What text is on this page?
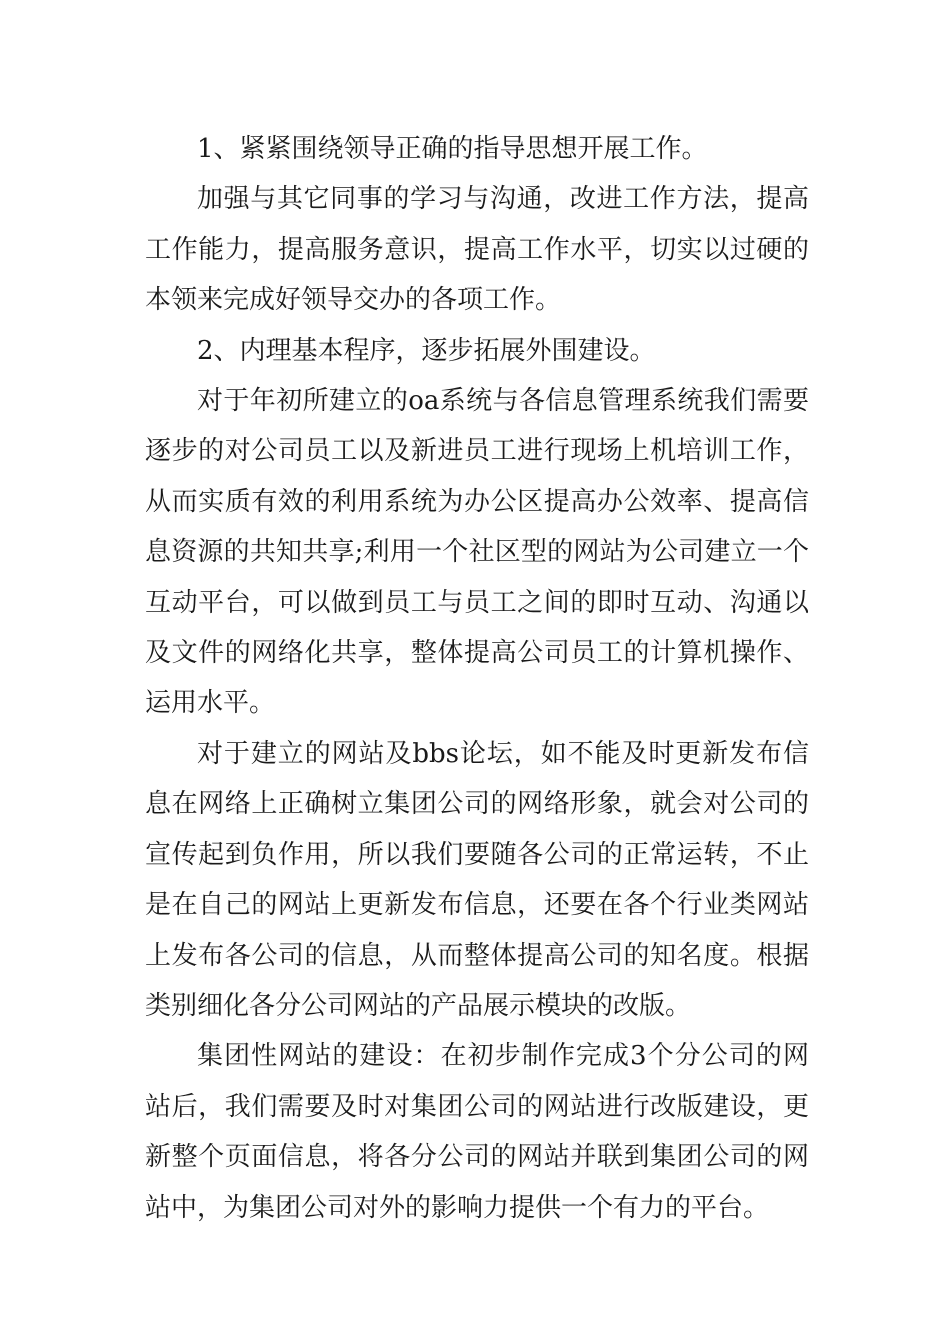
1、紧紧围绕领导正确的指导思想开展工作。

加强与其它同事的学习与沟通，改进工作方法，提高工作能力，提高服务意识，提高工作水平，切实以过硬的本领来完成好领导交办的各项工作。

2、内理基本程序，逐步拓展外围建设。

对于年初所建立的oa系统与各信息管理系统我们需要逐步的对公司员工以及新进员工进行现场上机培训工作，从而实质有效的利用系统为办公区提高办公效率、提高信息资源的共知共享;利用一个社区型的网站为公司建立一个互动平台，可以做到员工与员工之间的即时互动、沟通以及文件的网络化共享，整体提高公司员工的计算机操作、运用水平。

对于建立的网站及bbs论坛，如不能及时更新发布信息在网络上正确树立集团公司的网络形象，就会对公司的宣传起到负作用，所以我们要随各公司的正常运转，不止是在自己的网站上更新发布信息，还要在各个行业类网站上发布各公司的信息，从而整体提高公司的知名度。根据类别细化各分公司网站的产品展示模块的改版。

集团性网站的建设：在初步制作完成3个分公司的网站后，我们需要及时对集团公司的网站进行改版建设，更新整个页面信息，将各分公司的网站并联到集团公司的网站中，为集团公司对外的影响力提供一个有力的平台。
